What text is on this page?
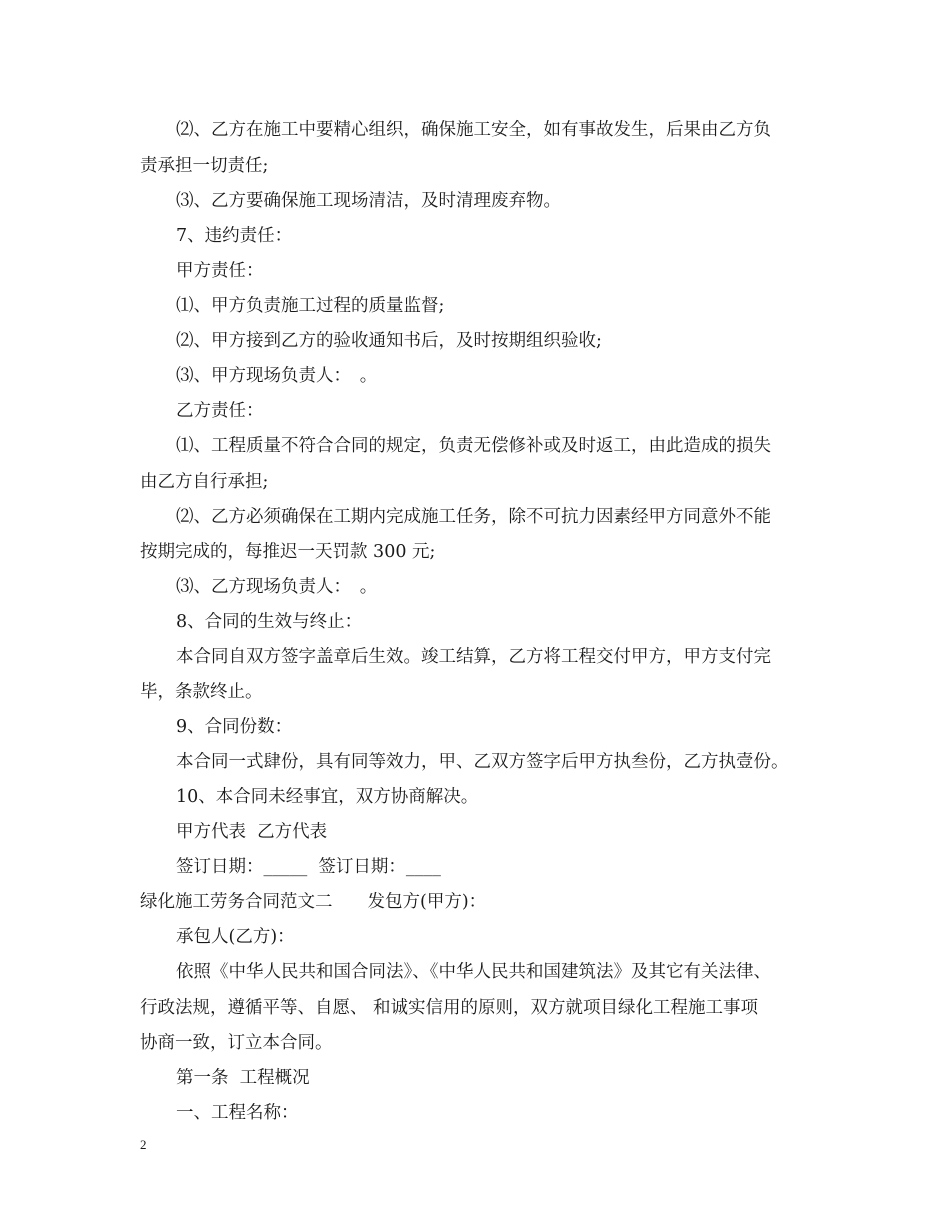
⑵、乙方在施工中要精心组织，确保施工安全，如有事故发生，后果由乙方负
责承担一切责任;
⑶、乙方要确保施工现场清洁，及时清理废弃物。
7、违约责任：
甲方责任：
⑴、甲方负责施工过程的质量监督;
⑵、甲方接到乙方的验收通知书后，及时按期组织验收;
⑶、甲方现场负责人：　。
乙方责任：
⑴、工程质量不符合合同的规定，负责无偿修补或及时返工，由此造成的损失
由乙方自行承担;
⑵、乙方必须确保在工期内完成施工任务，除不可抗力因素经甲方同意外不能
按期完成的，每推迟一天罚款 300 元;
⑶、乙方现场负责人：　。
8、合同的生效与终止：
本合同自双方签字盖章后生效。竣工结算，乙方将工程交付甲方，甲方支付完
毕，条款终止。
9、合同份数：
本合同一式肆份，具有同等效力，甲、乙双方签字后甲方执叁份，乙方执壹份。
10、本合同未经事宜，双方协商解决。
甲方代表  乙方代表
签订日期：_____  签订日期：____
绿化施工劳务合同范文二　　发包方(甲方)：
承包人(乙方)：
依照《中华人民共和国合同法》、《中华人民共和国建筑法》及其它有关法律、
行政法规，遵循平等、自愿、 和诚实信用的原则，双方就项目绿化工程施工事项
协商一致，订立本合同。
第一条  工程概况
一、工程名称：
2
